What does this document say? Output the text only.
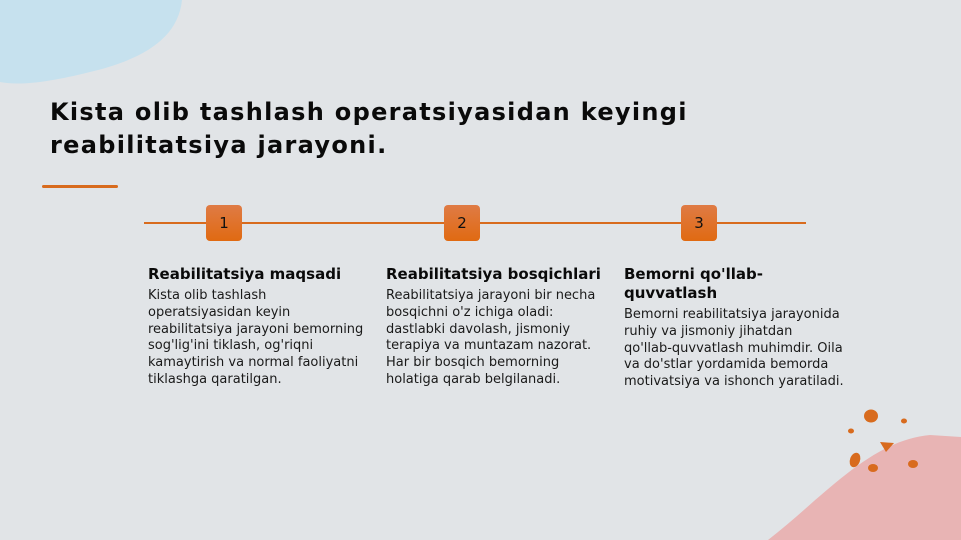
Kista olib tashlash operatsiyasidan keyingi reabilitatsiya jarayoni.
1	2	3
Reabilitatsiya maqsadi

Kista olib tashlash operatsiyasidan keyin reabilitatsiya jarayoni bemorning sog'lig'ini tiklash, og'riqni kamaytirish va normal faoliyatni tiklashga qaratilgan.

Reabilitatsiya bosqichlari

Reabilitatsiya jarayoni bir necha bosqichni o'z ichiga oladi: dastlabki davolash, jismoniy terapiya va muntazam nazorat. Har bir bosqich bemorning holatiga qarab belgilanadi.

Bemorni qo'llab-quvvatlash

Bemorni reabilitatsiya jarayonida ruhiy va jismoniy jihatdan qo'llab-quvvatlash muhimdir. Oila va do'stlar yordamida bemorda motivatsiya va ishonch yaratiladi.
